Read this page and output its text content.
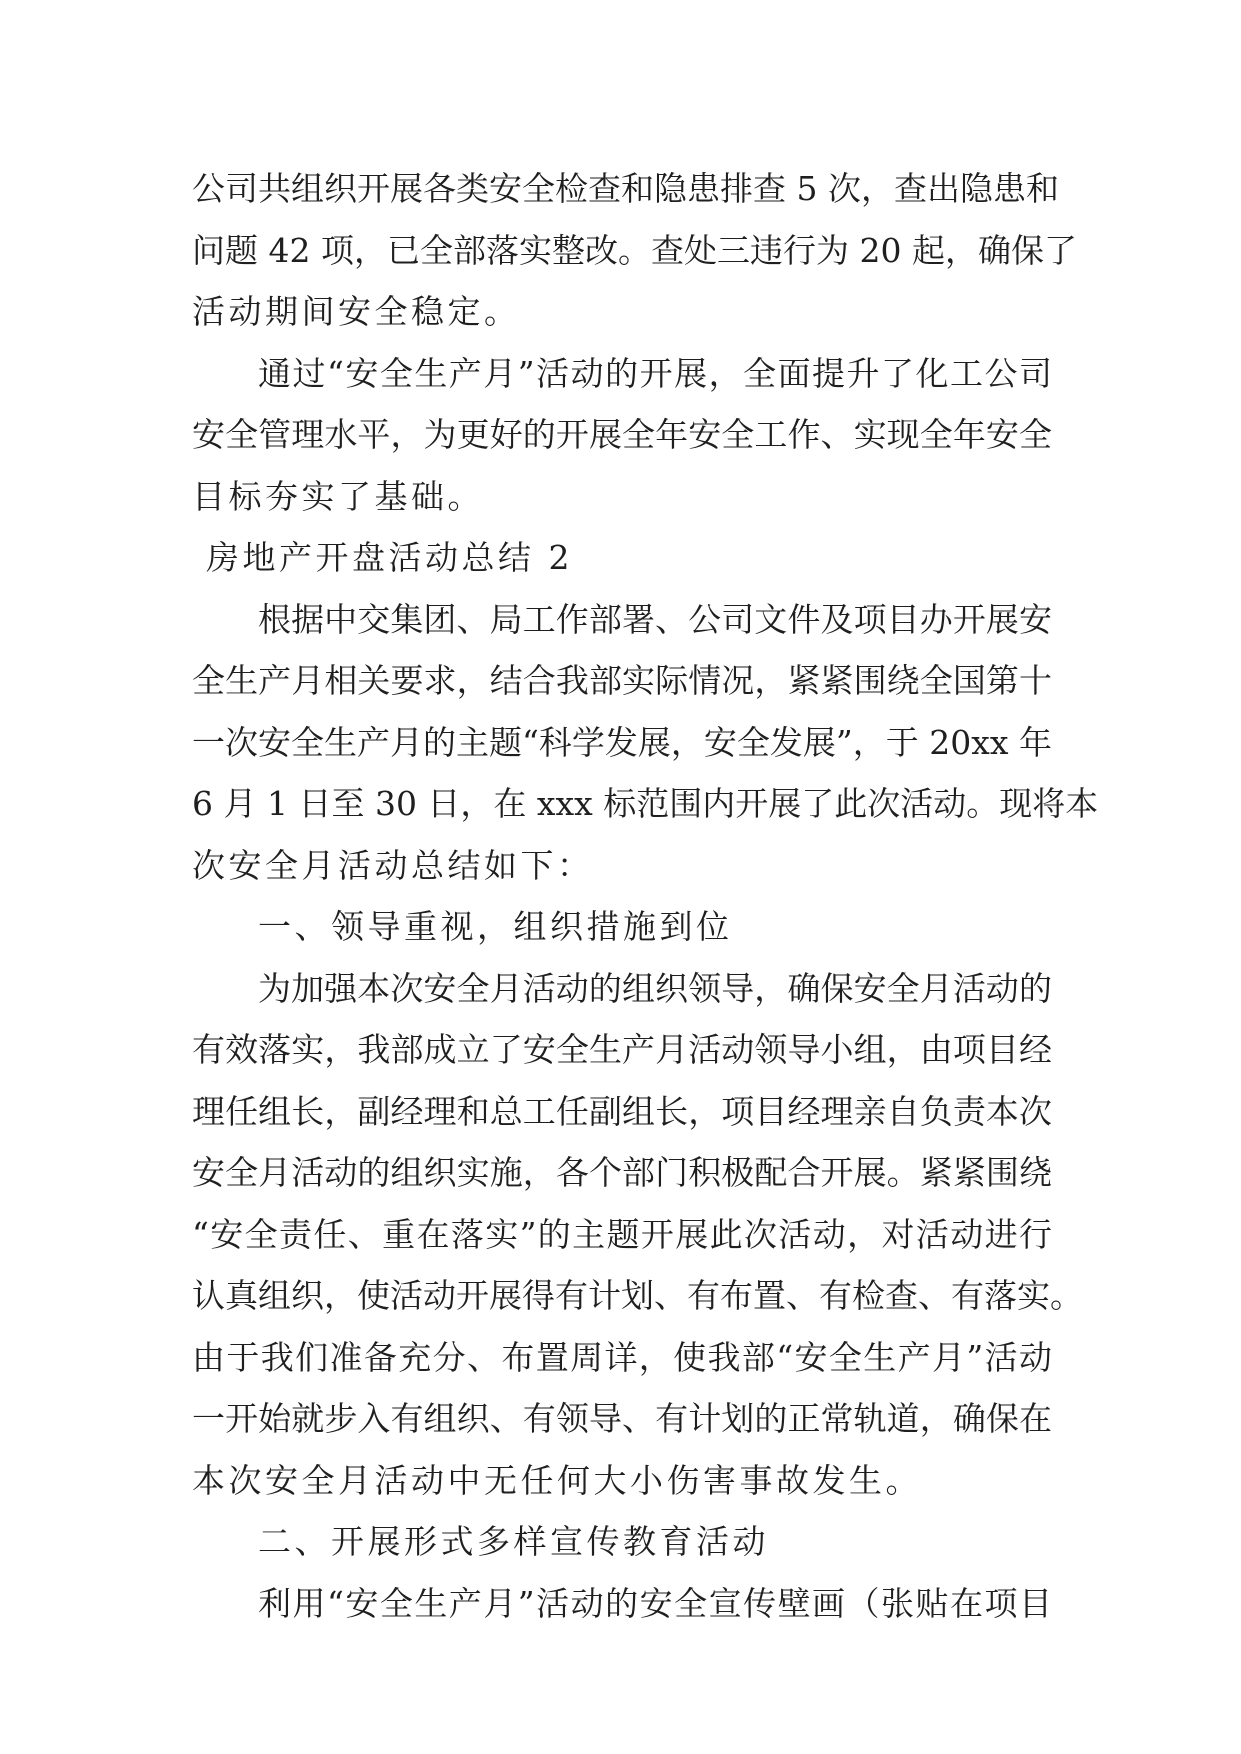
公司共组织开展各类安全检查和隐患排查 5 次，查出隐患和
问题 42 项，已全部落实整改。查处三违行为 20 起，确保了
活动期间安全稳定。
通过“安全生产月”活动的开展，全面提升了化工公司
安全管理水平，为更好的开展全年安全工作、实现全年安全
目标夯实了基础。
房地产开盘活动总结 2
根据中交集团、局工作部署、公司文件及项目办开展安
全生产月相关要求，结合我部实际情况，紧紧围绕全国第十
一次安全生产月的主题“科学发展，安全发展”，于 20xx 年
6 月 1 日至 30 日，在 xxx 标范围内开展了此次活动。现将本
次安全月活动总结如下：
一、领导重视，组织措施到位
为加强本次安全月活动的组织领导，确保安全月活动的
有效落实，我部成立了安全生产月活动领导小组，由项目经
理任组长，副经理和总工任副组长，项目经理亲自负责本次
安全月活动的组织实施，各个部门积极配合开展。紧紧围绕
“安全责任、重在落实”的主题开展此次活动，对活动进行
认真组织，使活动开展得有计划、有布置、有检查、有落实。
由于我们准备充分、布置周详，使我部“安全生产月”活动
一开始就步入有组织、有领导、有计划的正常轨道，确保在
本次安全月活动中无任何大小伤害事故发生。
二、开展形式多样宣传教育活动
利用“安全生产月”活动的安全宣传壁画（张贴在项目
